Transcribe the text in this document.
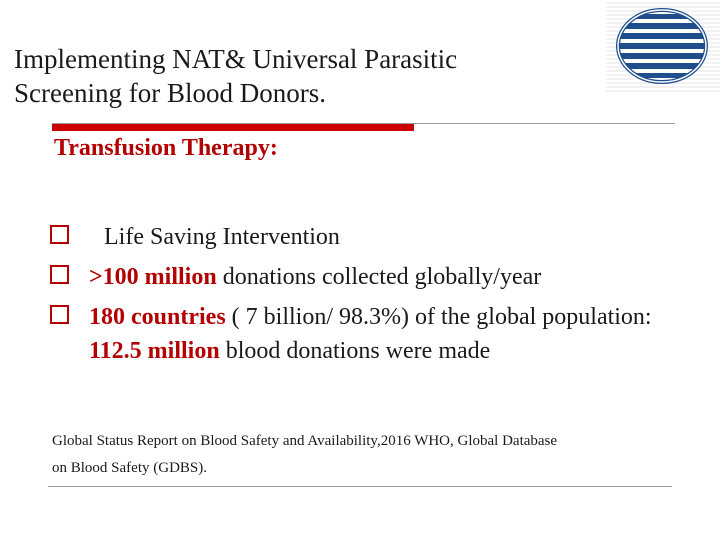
Implementing NAT& Universal Parasitic
Screening for Blood Donors.
Transfusion Therapy:
Life Saving Intervention
>100 million donations collected globally/year
180 countries ( 7 billion/ 98.3%) of the global population:   112.5 million blood donations were made
Global Status Report on Blood Safety and Availability,2016 WHO, Global Database
on Blood Safety (GDBS).
